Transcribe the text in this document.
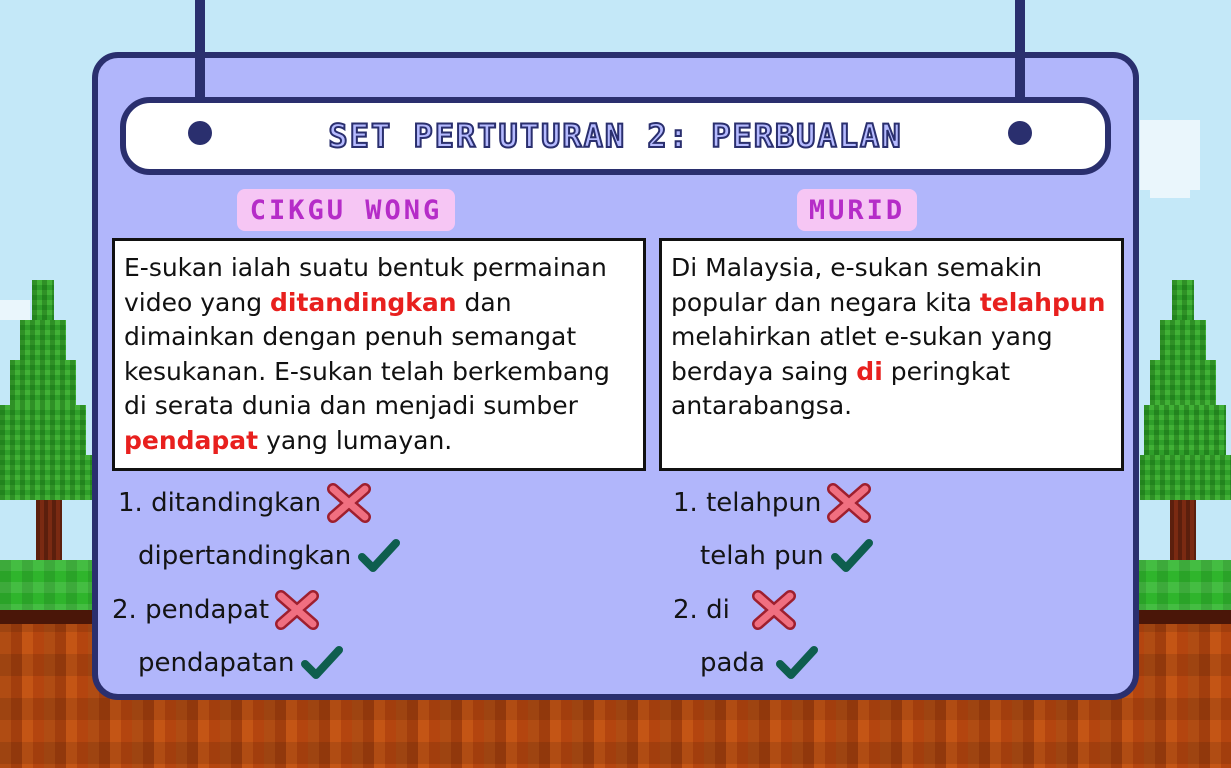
SET PERTUTURAN 2: PERBUALAN
CIKGU WONG	MURID
E-sukan ialah suatu bentuk permainan video yang ditandingkan dan dimainkan dengan penuh semangat kesukanan. E-sukan telah berkembang di serata dunia dan menjadi sumber pendapat yang lumayan.
Di Malaysia, e-sukan semakin popular dan negara kita telahpun melahirkan atlet e-sukan yang berdaya saing di peringkat antarabangsa.
1. ditandingkan
dipertandingkan
2. pendapat
pendapatan
1. telahpun
telah pun
2. di
pada
